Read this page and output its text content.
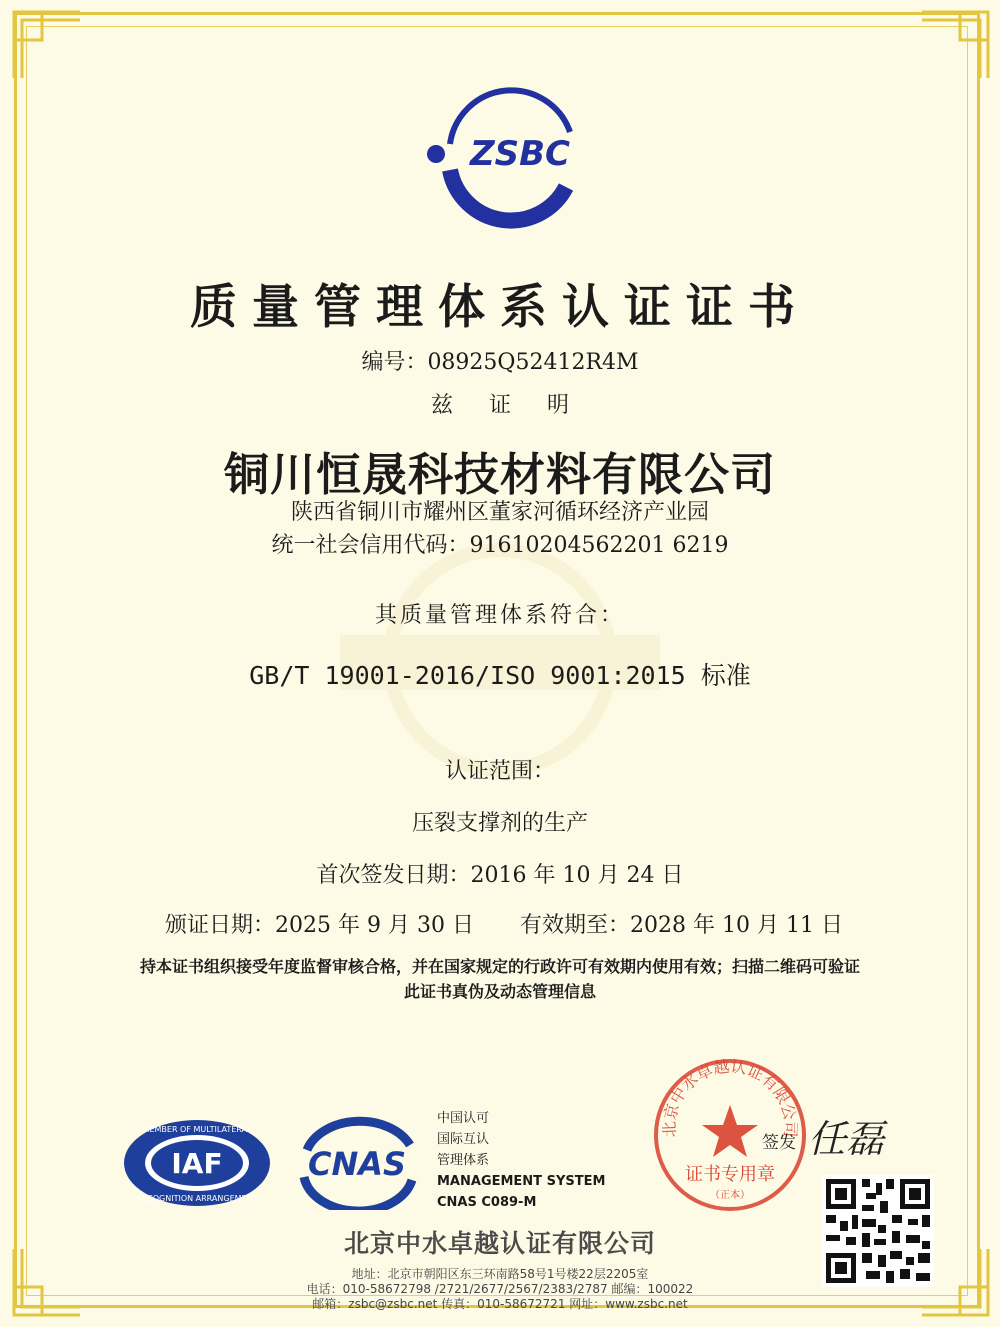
ZSBC
质量管理体系认证证书
编号：08925Q52412R4M
兹证明
铜川恒晟科技材料有限公司
陕西省铜川市耀州区董家河循环经济产业园
统一社会信用代码：91610204562201 6219
其质量管理体系符合：
GB/T 19001-2016/ISO 9001:2015 标准
认证范围：
压裂支撑剂的生产
首次签发日期：2016 年 10 月 24 日
颁证日期：2025 年 9 月 30 日 有效期至：2028 年 10 月 11 日
持本证书组织接受年度监督审核合格，并在国家规定的行政许可有效期内使用有效；扫描二维码可验证
此证书真伪及动态管理信息
IAF
MEMBER OF MULTILATERAL
RECOGNITION ARRANGEMENT
CNAS
中国认可
国际互认
管理体系
MANAGEMENT SYSTEM
CNAS C089-M
北京中水卓越认证有限公司
证书专用章
（正本）
签发 任磊
北京中水卓越认证有限公司
地址：北京市朝阳区东三环南路58号1号楼22层2205室
电话：010-58672798 /2721/2677/2567/2383/2787 邮编：100022
邮箱：zsbc@zsbc.net 传真：010-58672721 网址：www.zsbc.net
